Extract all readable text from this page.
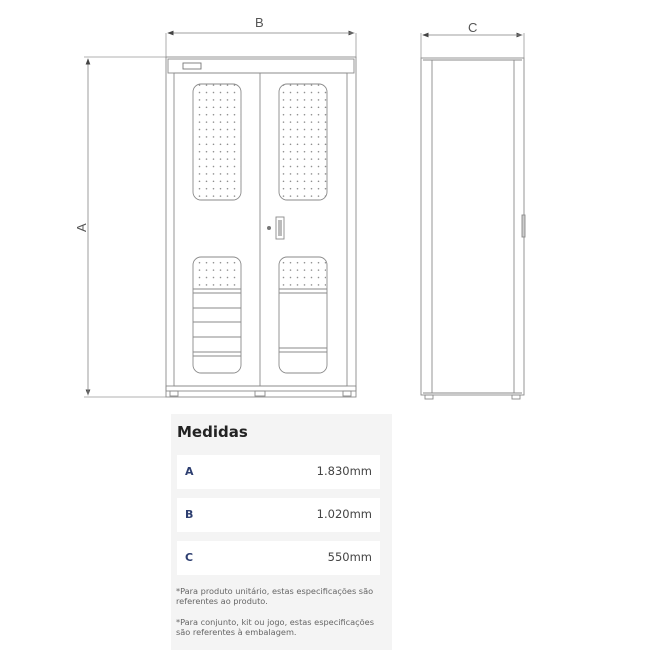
B
A
C
Medidas
A	1.830mm
B	1.020mm
C	550mm
*Para produto unitário, estas especificações são referentes ao produto.
*Para conjunto, kit ou jogo, estas especificações são referentes à embalagem.
